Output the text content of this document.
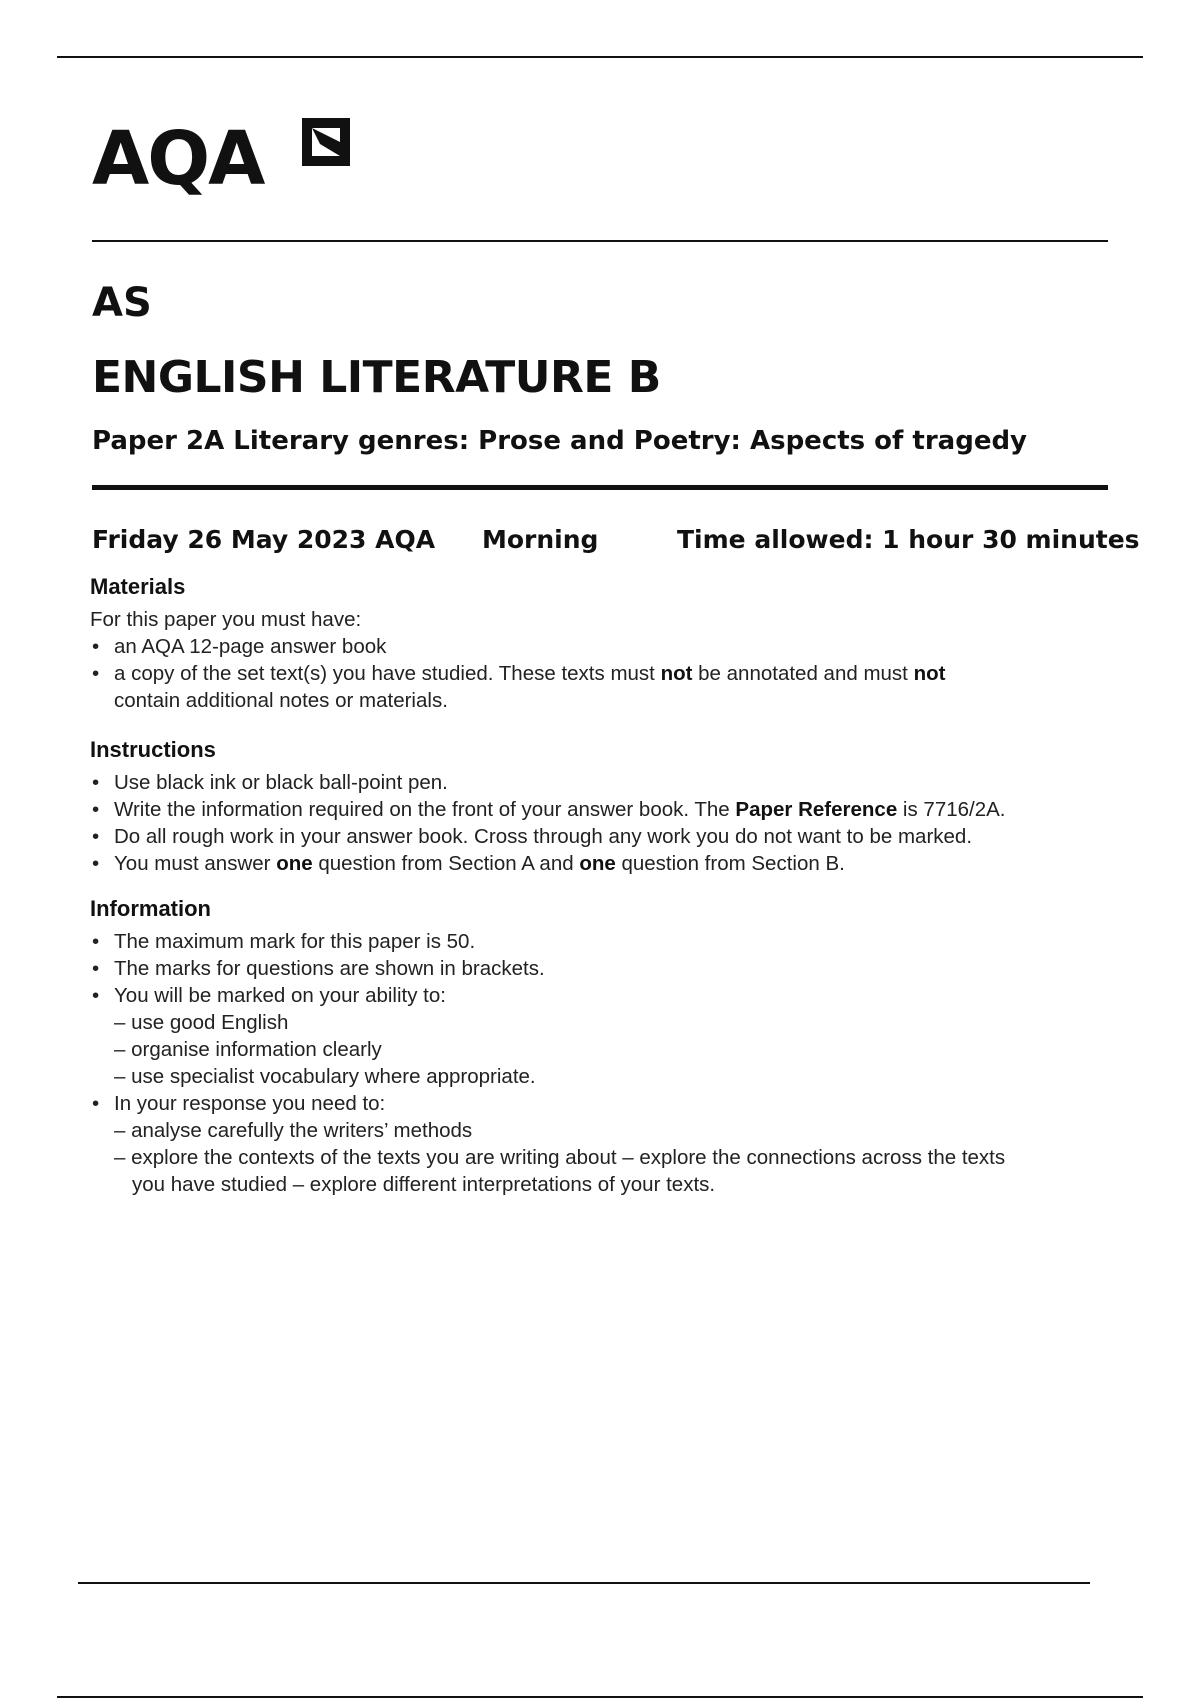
AQA
AS
ENGLISH LITERATURE B
Paper 2A Literary genres: Prose and Poetry: Aspects of tragedy
Friday 26 May 2023 AQA Morning	Time allowed: 1 hour 30 minutes
Materials

For this paper you must have:

• an AQA 12-page answer book
• a copy of the set text(s) you have studied. These texts must not be annotated and must not
contain additional notes or materials.
Instructions
• Use black ink or black ball-point pen.
• Write the information required on the front of your answer book. The Paper Reference is 7716/2A.
• Do all rough work in your answer book. Cross through any work you do not want to be marked.
• You must answer one question from Section A and one question from Section B.
Information
• The maximum mark for this paper is 50.
• The marks for questions are shown in brackets.
• You will be marked on your ability to:
– use good English
– organise information clearly
– use specialist vocabulary where appropriate.
• In your response you need to:
– analyse carefully the writers’ methods
– explore the contexts of the texts you are writing about – explore the connections across the texts
you have studied – explore different interpretations of your texts.
